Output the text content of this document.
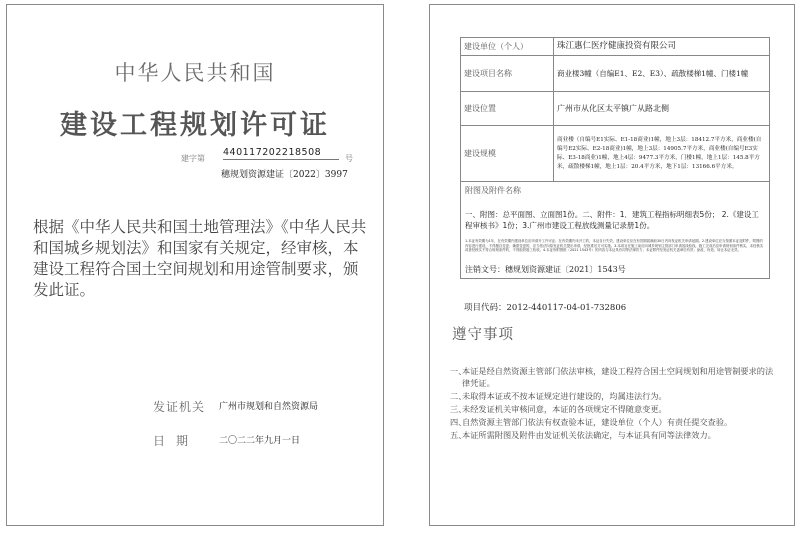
中华人民共和国
建设工程规划许可证
建字第
440117202218508
号
穗规划资源建证〔2022〕3997
根据《中华人民共和国土地管理法》《中华人民共和国城乡规划法》和国家有关规定，经审核，本建设工程符合国土空间规划和用途管制要求，颁发此证。
发证机关 广州市规划和自然资源局
日期 二〇二二年九月一日
建设单位（个人）	珠江惠仁医疗健康投资有限公司
建设项目名称	商业楼3幢（自编E1、E2、E3）、疏散楼梯1幢、门楼1幢
建设位置	广州市从化区太平镇广从路北侧
建设规模	商业楼（自编号E1实际、E1-18商业)1幢，地上3层：18412.7平方米，商业楼(自编号E2实际、E2-18商业)1幢，地上3层：14905.7平方米，商业楼(自编号E3实际、E3-18商业)1幢，地上4层：9477.3平方米，门楼1幢，地上1层：145.8平方米，疏散楼梯1幢，地上1层：20.4平方米，地下1层：13166.6平方米。

附图及附件名称
一、附图：总平面图、立面图1份。二、附件：1．建筑工程指标明细表5份； 2.《建设工程审核书》1份；3.广州市建设工程放线测量记录册1份。
1.本证有效期为1年，在有效期内建设单位应申请开工许可证；在有效期内未开工的，本证自行失效，建设单位应在有效期届满前30日内向发证机关申请延期。2.建设单位应当按照本证及附件、附图的内容进行建设，不得擅自变更；确需变更的，应当依法向原发证机关提出申请，经批准后方可实施。3.本项目在施工前应向城乡规划主管部门申请放线验线，施工完成后应申请规划条件核实，未经核实或者经核实不符合规划条件的，不得组织竣工验收。4.本证所附图纸（2021 1543号）的内容与本证具有同等法律效力；本证附件经发证机关盖章后有效；涂改、伪造、转让本证无效。
注销文号：穗规划资源建证〔2021〕1543号	
项目代码：2012-440117-04-01-732806
遵守事项
一、
本证是经自然资源主管部门依法审核，建设工程符合国土空间规划和用途管制要求的法律凭证。
二、
未取得本证或不按本证规定进行建设的，均属违法行为。
三、
未经发证机关审核同意，本证的各项规定不得随意变更。
四、
自然资源主管部门依法有权查验本证，建设单位（个人）有责任提交查验。
五、
本证所需附图及附件由发证机关依法确定，与本证具有同等法律效力。
